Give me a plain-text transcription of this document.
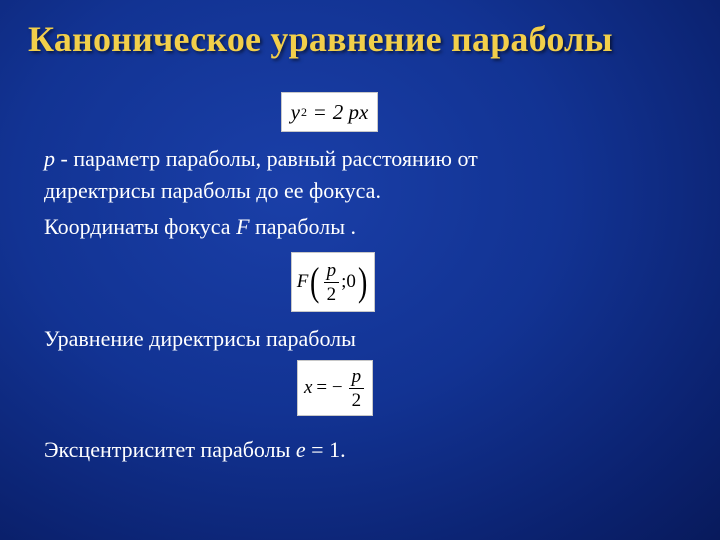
Каноническое уравнение параболы
y 2 = 2 px

p - параметр параболы, равный расстоянию от

директрисы параболы до ее фокуса.

Координаты фокуса F параболы .

F ( $\frac{p}{2}$ ;0 )

Уравнение директрисы параболы

x = − $\frac{p}{2}$

Эксцентриситет параболы e = 1.
